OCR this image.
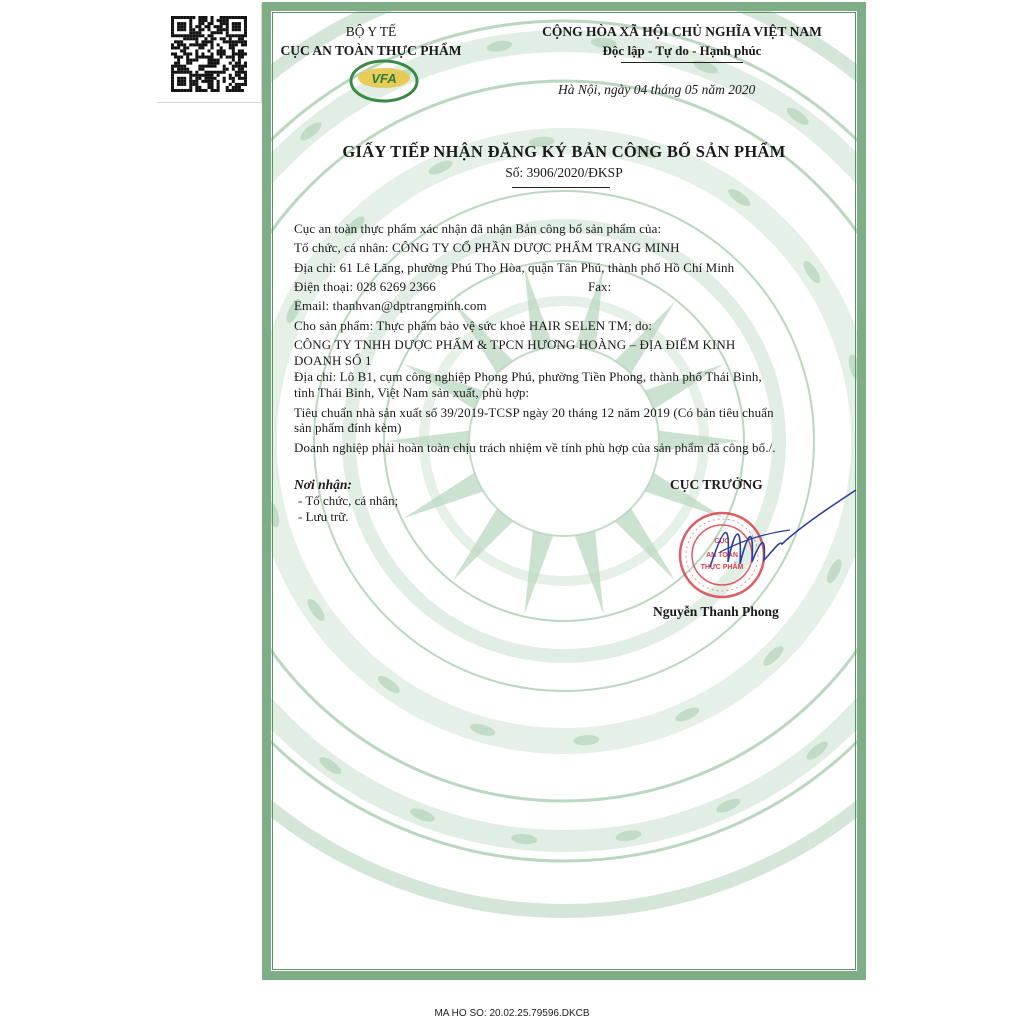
BỘ Y TẾ
CỤC AN TOÀN THỰC PHẨM
VFA
CỘNG HÒA XÃ HỘI CHỦ NGHĨA VIỆT NAM
Độc lập - Tự do - Hạnh phúc
Hà Nội, ngày 04 tháng 05 năm 2020
GIẤY TIẾP NHẬN ĐĂNG KÝ BẢN CÔNG BỐ SẢN PHẨM
Số: 3906/2020/ĐKSP
Cục an toàn thực phẩm xác nhận đã nhận Bản công bố sản phẩm của:
Tổ chức, cá nhân: CÔNG TY CỔ PHẦN DƯỢC PHẨM TRANG MINH
Địa chỉ: 61 Lê Lăng, phường Phú Thọ Hòa, quận Tân Phú, thành phố Hồ Chí Minh
Điện thoại: 028 6269 2366	Fax:
Email: thanhvan@dptrangminh.com
Cho sản phẩm: Thực phẩm bảo vệ sức khoẻ HAIR SELEN TM; do:
CÔNG TY TNHH DƯỢC PHẨM & TPCN HƯƠNG HOÀNG – ĐỊA ĐIỂM KINH
DOANH SỐ 1
Địa chỉ: Lô B1, cụm công nghiệp Phong Phú, phường Tiền Phong, thành phố Thái Bình,
tỉnh Thái Bình, Việt Nam sản xuất, phù hợp:
Tiêu chuẩn nhà sản xuất số 39/2019-TCSP ngày 20 tháng 12 năm 2019 (Có bản tiêu chuẩn
sản phẩm đính kèm)
Doanh nghiệp phải hoàn toàn chịu trách nhiệm về tính phù hợp của sản phẩm đã công bố./.
Nơi nhận:
- Tổ chức, cá nhân;
- Lưu trữ.
CỤC TRƯỞNG
CỤC
AN TOÀN
THỰC PHẨM
Nguyễn Thanh Phong
MA HO SO: 20.02.25.79596.DKCB
